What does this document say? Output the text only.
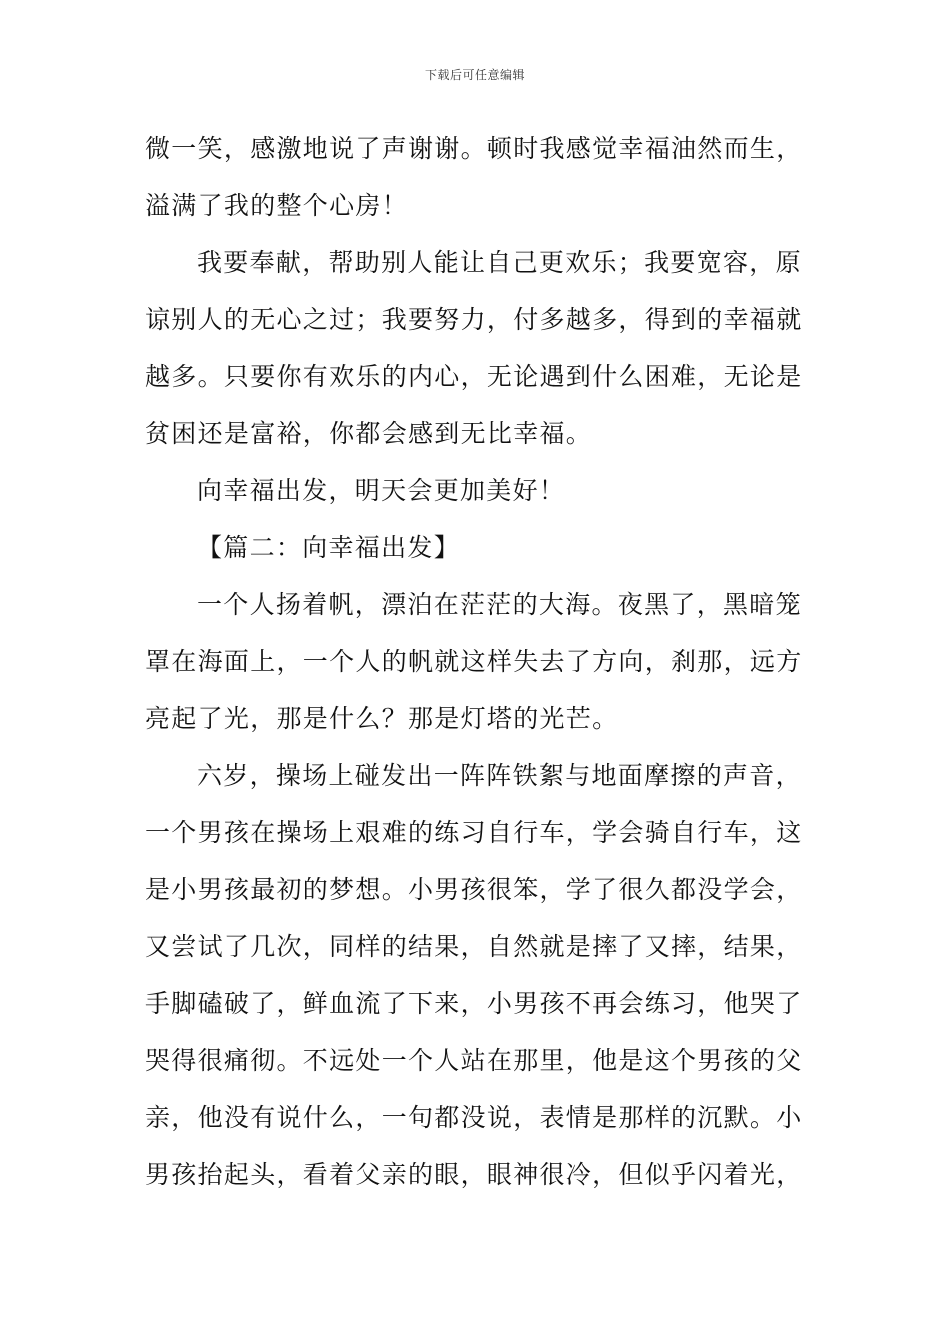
下载后可任意编辑
微一笑，感激地说了声谢谢。顿时我感觉幸福油然而生，
溢满了我的整个心房！
我要奉献，帮助别人能让自己更欢乐；我要宽容，原
谅别人的无心之过；我要努力，付多越多，得到的幸福就
越多。只要你有欢乐的内心，无论遇到什么困难，无论是
贫困还是富裕，你都会感到无比幸福。
向幸福出发，明天会更加美好！
【篇二：向幸福出发】
一个人扬着帆，漂泊在茫茫的大海。夜黑了，黑暗笼
罩在海面上，一个人的帆就这样失去了方向，刹那，远方
亮起了光，那是什么？那是灯塔的光芒。
六岁，操场上碰发出一阵阵铁絮与地面摩擦的声音，
一个男孩在操场上艰难的练习自行车，学会骑自行车，这
是小男孩最初的梦想。小男孩很笨，学了很久都没学会，
又尝试了几次，同样的结果，自然就是摔了又摔，结果，
手脚磕破了，鲜血流了下来，小男孩不再会练习，他哭了
哭得很痛彻。不远处一个人站在那里，他是这个男孩的父
亲，他没有说什么，一句都没说，表情是那样的沉默。小
男孩抬起头，看着父亲的眼，眼神很冷，但似乎闪着光，
